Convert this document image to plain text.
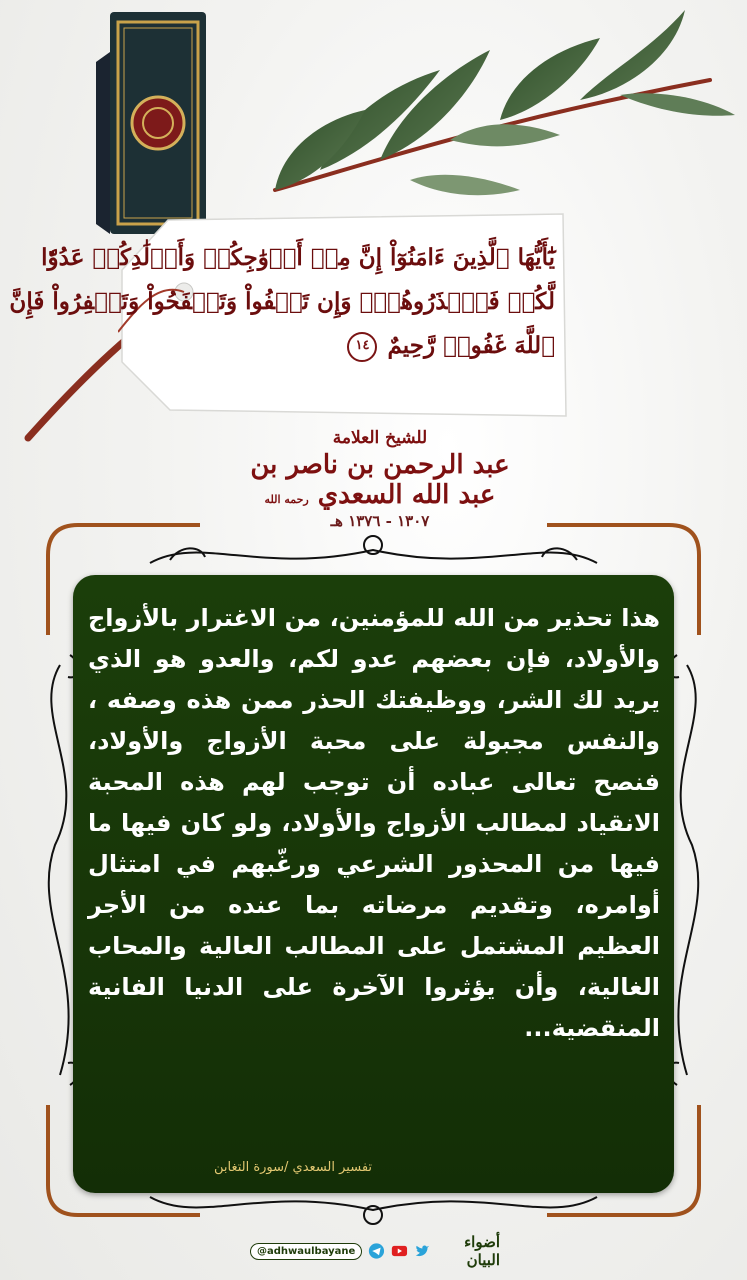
يَٰٓأَيُّهَا ٱلَّذِينَ ءَامَنُوٓاْ إِنَّ مِنۡ أَزۡوَٰجِكُمۡ وَأَوۡلَٰدِكُمۡ عَدُوّٗا
لَّكُمۡ فَٱحۡذَرُوهُمۡۚ وَإِن تَعۡفُواْ وَتَصۡفَحُواْ وَتَغۡفِرُواْ فَإِنَّ
ٱللَّهَ غَفُورٞ رَّحِيمٌ ١٤
للشيخ العلامة
عبد الرحمن بن ناصر بن عبد الله السعدي رحمه الله
١٣٠٧ - ١٣٧٦ هـ
هذا تحذير من الله للمؤمنين، من الاغترار بالأزواج والأولاد، فإن بعضهم عدو لكم، والعدو هو الذي يريد لك الشر، ووظيفتك الحذر ممن هذه وصفه ، والنفس مجبولة على محبة الأزواج والأولاد، فنصح تعالى عباده أن توجب لهم هذه المحبة الانقياد لمطالب الأزواج والأولاد، ولو كان فيها ما فيها من المحذور الشرعي ورغّبهم في امتثال أوامره، وتقديم مرضاته بما عنده من الأجر العظيم المشتمل على المطالب العالية والمحاب الغالية، وأن يؤثروا الآخرة على الدنيا الفانية المنقضية...
تفسير السعدي /سورة التغابن
@adhwaulbayane	أضواء البيان
